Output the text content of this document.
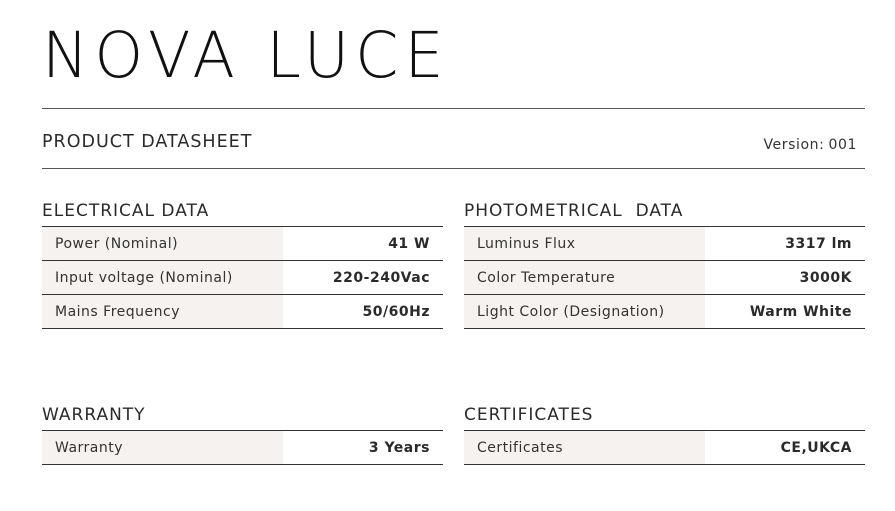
NOVA LUCE
PRODUCT DATASHEET	Version: 001
ELECTRICAL DATA
Power (Nominal)	41 W
Input voltage (Nominal)	220-240Vac
Mains Frequency	50/60Hz
PHOTOMETRICAL  DATA
Luminus Flux	3317 lm
Color Temperature	3000K
Light Color (Designation)	Warm White
WARRANTY
Warranty	3 Years
CERTIFICATES
Certificates	CE,UKCA
